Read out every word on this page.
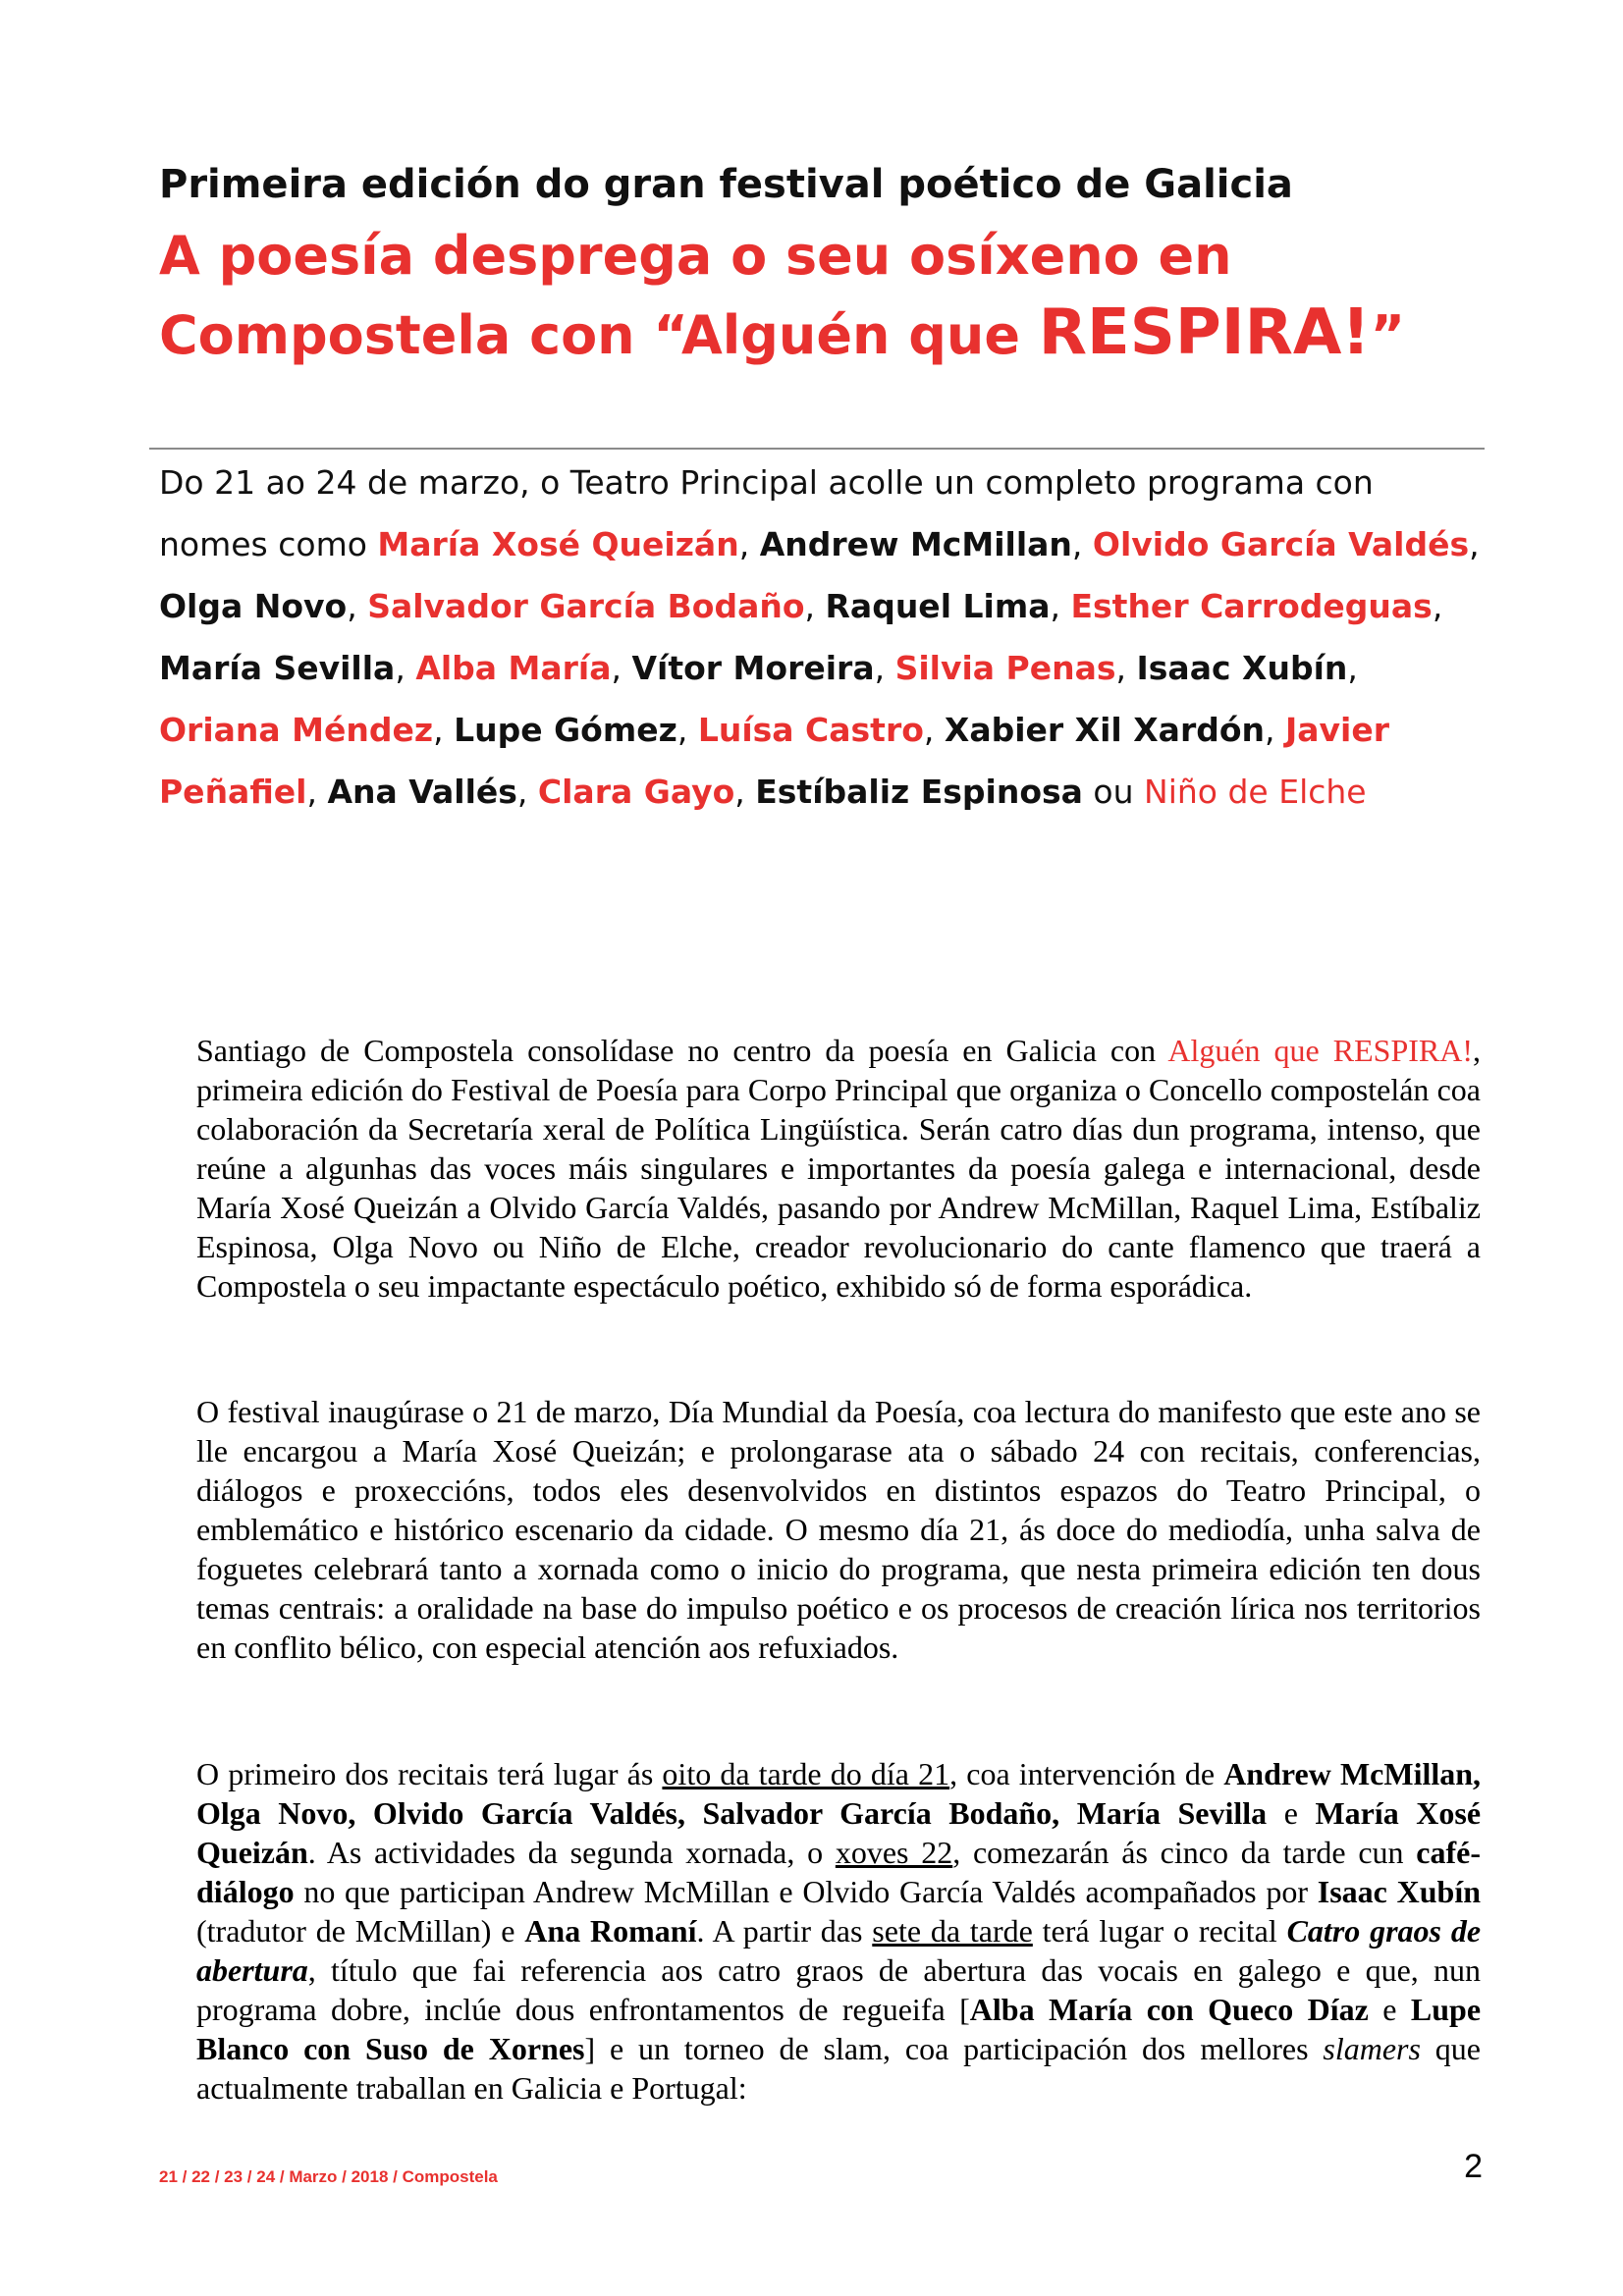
Primeira edición do gran festival poético de Galicia
A poesía desprega o seu osíxeno en Compostela con “Alguén que RESPIRA!”
Do 21 ao 24 de marzo, o Teatro Principal acolle un completo programa con nomes como María Xosé Queizán, Andrew McMillan, Olvido García Valdés, Olga Novo, Salvador García Bodaño, Raquel Lima, Esther Carrodeguas, María Sevilla, Alba María, Vítor Moreira, Silvia Penas, Isaac Xubín, Oriana Méndez, Lupe Gómez, Luísa Castro, Xabier Xil Xardón, Javier Peñafiel, Ana Vallés, Clara Gayo, Estíbaliz Espinosa ou Niño de Elche
Santiago de Compostela consolídase no centro da poesía en Galicia con Alguén que RESPIRA!, primeira edición do Festival de Poesía para Corpo Principal que organiza o Concello compostelán coa colaboración da Secretaría xeral de Política Lingüística. Serán catro días dun programa, intenso, que reúne a algunhas das voces máis singulares e importantes da poesía galega e internacional, desde María Xosé Queizán a Olvido García Valdés, pasando por Andrew McMillan, Raquel Lima, Estíbaliz Espinosa, Olga Novo ou Niño de Elche, creador revolucionario do cante flamenco que traerá a Compostela o seu impactante espectáculo poético, exhibido só de forma esporádica.
O festival inaugúrase o 21 de marzo, Día Mundial da Poesía, coa lectura do manifesto que este ano se lle encargou a María Xosé Queizán; e prolongarase ata o sábado 24 con recitais, conferencias, diálogos e proxeccións, todos eles desenvolvidos en distintos espazos do Teatro Principal, o emblemático e histórico escenario da cidade. O mesmo día 21, ás doce do mediodía, unha salva de foguetes celebrará tanto a xornada como o inicio do programa, que nesta primeira edición ten dous temas centrais: a oralidade na base do impulso poético e os procesos de creación lírica nos territorios en conflito bélico, con especial atención aos refuxiados.
O primeiro dos recitais terá lugar ás oito da tarde do día 21, coa intervención de Andrew McMillan, Olga Novo, Olvido García Valdés, Salvador García Bodaño, María Sevilla e María Xosé Queizán. As actividades da segunda xornada, o xoves 22, comezarán ás cinco da tarde cun café-diálogo no que participan Andrew McMillan e Olvido García Valdés acompañados por Isaac Xubín (tradutor de McMillan) e Ana Romaní. A partir das sete da tarde terá lugar o recital Catro graos de abertura, título que fai referencia aos catro graos de abertura das vocais en galego e que, nun programa dobre, inclúe dous enfrontamentos de regueifa [Alba María con Queco Díaz e Lupe Blanco con Suso de Xornes] e un torneo de slam, coa participación dos mellores slamers que actualmente traballan en Galicia e Portugal:
21 / 22 / 23 / 24 / Marzo / 2018 / Compostela	2
